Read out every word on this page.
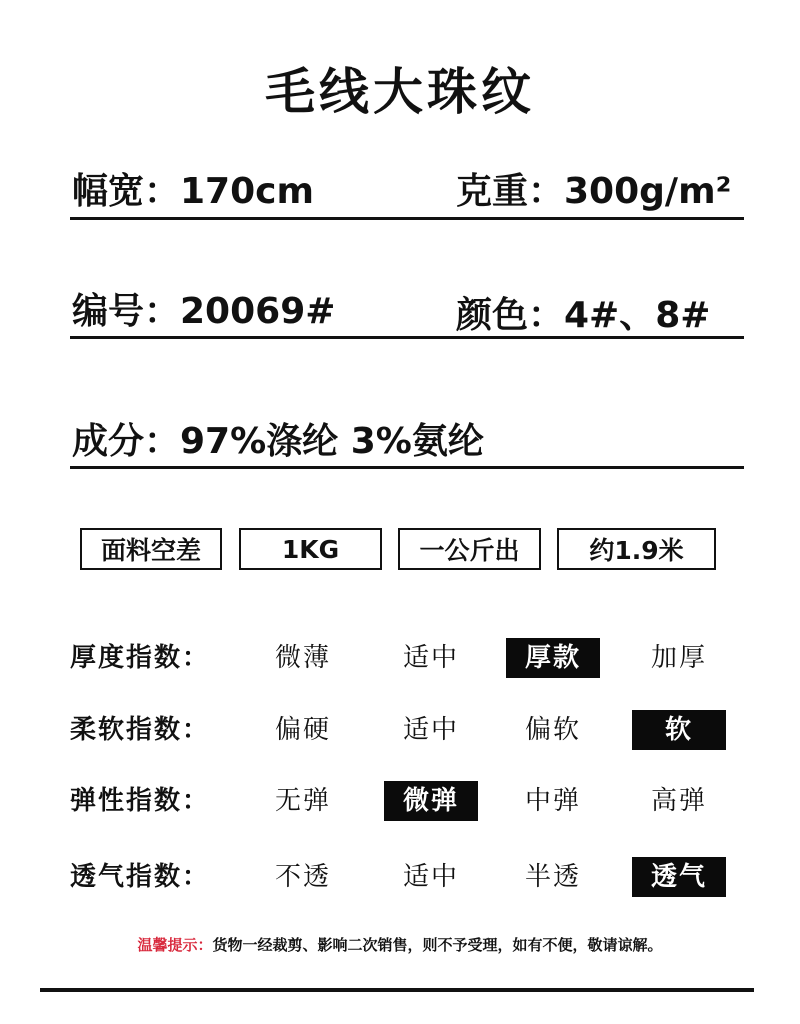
毛线大珠纹
幅宽：170cm	克重：300g/m²
编号：20069#	颜色：4#、8#
成分：97%涤纶 3%氨纶
面料空差	1KG	一公斤出	约1.9米
厚度指数：	微薄	适中	厚款	加厚
柔软指数：	偏硬	适中	偏软	软
弹性指数：	无弹	微弹	中弹	高弹
透气指数：	不透	适中	半透	透气
温馨提示：货物一经裁剪、影响二次销售，则不予受理，如有不便，敬请谅解。
